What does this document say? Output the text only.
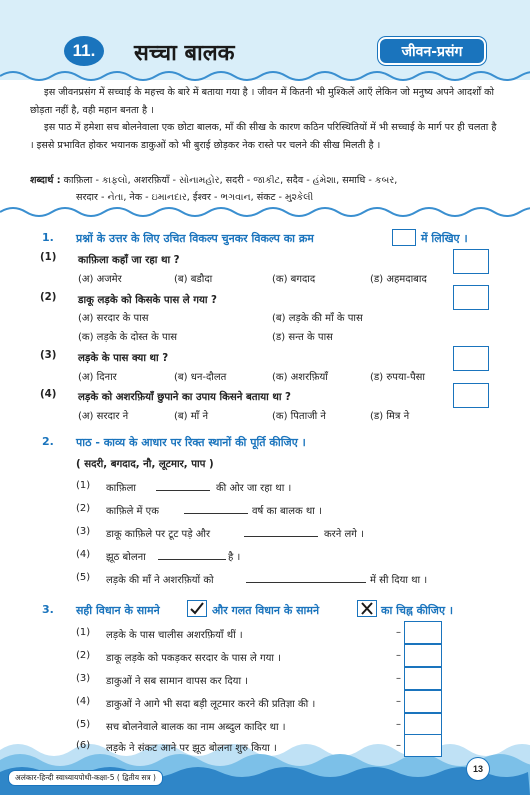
11.	सच्चा बालक	जीवन-प्रसंग

इस जीवनप्रसंग में सच्चाई के महत्त्व के बारे में बताया गया है । जीवन में कितनी भी मुश्किलें आएँ लेकिन जो मनुष्य अपने आदर्शों को छोड़ता नहीं है, वही महान बनता है ।

इस पाठ में हमेशा सच बोलनेवाला एक छोटा बालक, माँ की सीख के कारण कठिन परिस्थितियों में भी सच्चाई के मार्ग पर ही चलता है । इससे प्रभावित होकर भयानक डाकुओं को भी बुराई छोड़कर नेक रास्ते पर चलने की सीख मिलती है ।

शब्दार्थ : काफ़िला - કાફલો, अशरफ़ियाँ - સોનામહોર, सदरी - જાકીટ, सदैव - હંમેશા, समाधि - કબર,
सरदार - નેતા, नेक - ઇમાનદાર, ईश्वर - ભગવાન, संकट - મુશ્કેલી
1. प्रश्नों के उत्तर के लिए उचित विकल्प चुनकर विकल्प का क्रम	में लिखिए ।
(1) काफ़िला कहाँ जा रहा था ?
(अ) अजमेर	(ब) बडौदा	(क) बगदाद	(ड) अहमदाबाद
(2) डाकू लड़के को किसके पास ले गया ?
(अ) सरदार के पास	(ब) लड़के की माँ के पास
(क) लड़के के दोस्त के पास	(ड) सन्त के पास
(3) लड़के के पास क्या था ?
(अ) दिनार	(ब) धन-दौलत	(क) अशरफ़ियाँ	(ड) रुपया-पैसा
(4) लड़के को अशरफ़ियाँ छुपाने का उपाय किसने बताया था ?
(अ) सरदार ने	(ब) माँ ने	(क) पिताजी ने	(ड) मित्र ने
2. पाठ - काव्य के आधार पर रिक्त स्थानों की पूर्ति कीजिए ।
( सदरी, बगदाद, नौ, लूटमार, पाप )
(1) काफ़िला	की ओर जा रहा था ।
(2) काफ़िले में एक	वर्ष का बालक था ।
(3) डाकू काफ़िले पर टूट पड़े और	करने लगे ।
(4) झूठ बोलना	है ।
(5) लड़के की माँ ने अशरफ़ियों को	में सी दिया था ।
3. सही विधान के सामने	और गलत विधान के सामने	का चिह्न कीजिए ।
(1) लड़के के पास चालीस अशरफ़ियाँ थीं ।	–
(2) डाकू लड़के को पकड़कर सरदार के पास ले गया ।	–
(3) डाकुओं ने सब सामान वापस कर दिया ।	–
(4) डाकुओं ने आगे भी सदा बड़ी लूटमार करने की प्रतिज्ञा की ।	–
(5) सच बोलनेवाले बालक का नाम अब्दुल कादिर था ।	–
(6) लड़के ने संकट आने पर झूठ बोलना शुरु किया ।	–
अलंकार-हिन्दी स्वाध्यायपोथी-कक्षा-5 ( द्वितीय सत्र )
13
